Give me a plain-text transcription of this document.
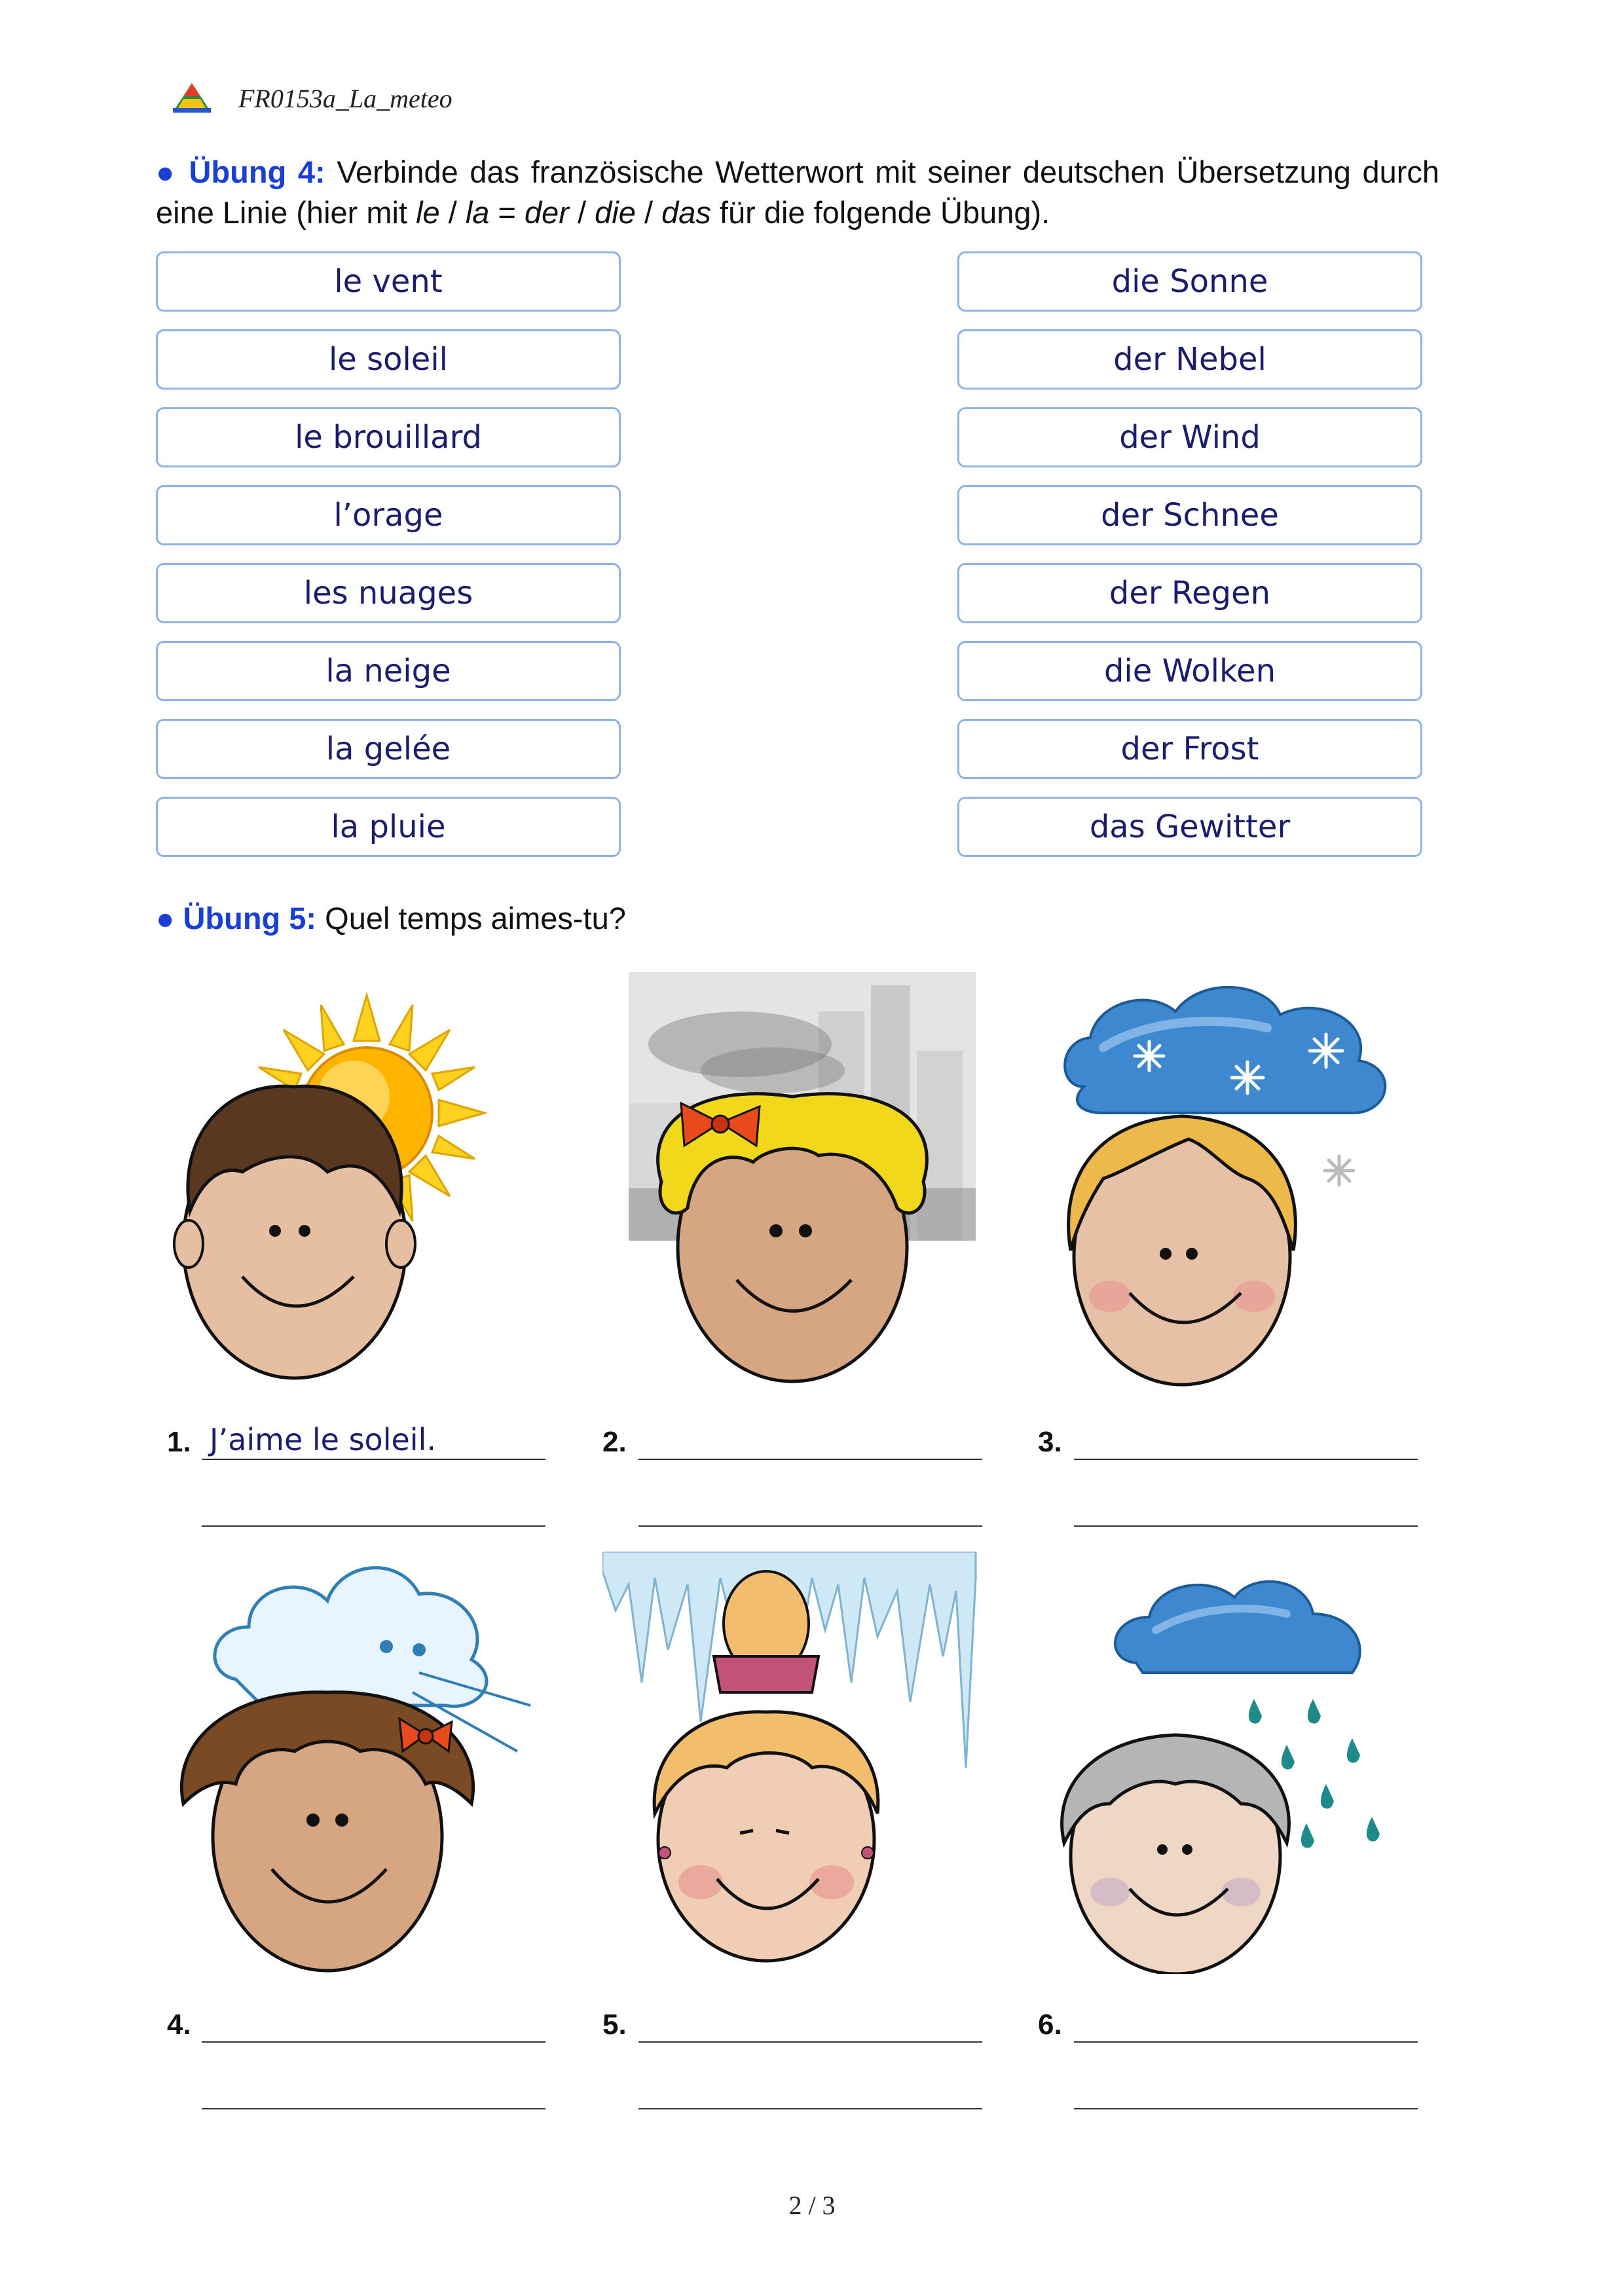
FR0153a_La_meteo
● Übung 4: Verbinde das französische Wetterwort mit seiner deutschen Übersetzung durch eine Linie (hier mit le / la = der / die / das für die folgende Übung).
le vent
le soleil
le brouillard
l’orage
les nuages
la neige
la gelée
la pluie
die Sonne
der Nebel
der Wind
der Schnee
der Regen
die Wolken
der Frost
das Gewitter
● Übung 5: Quel temps aimes-tu?
1. J’aime le soleil.	2.	3.
4.	5.	6.
2 / 3
